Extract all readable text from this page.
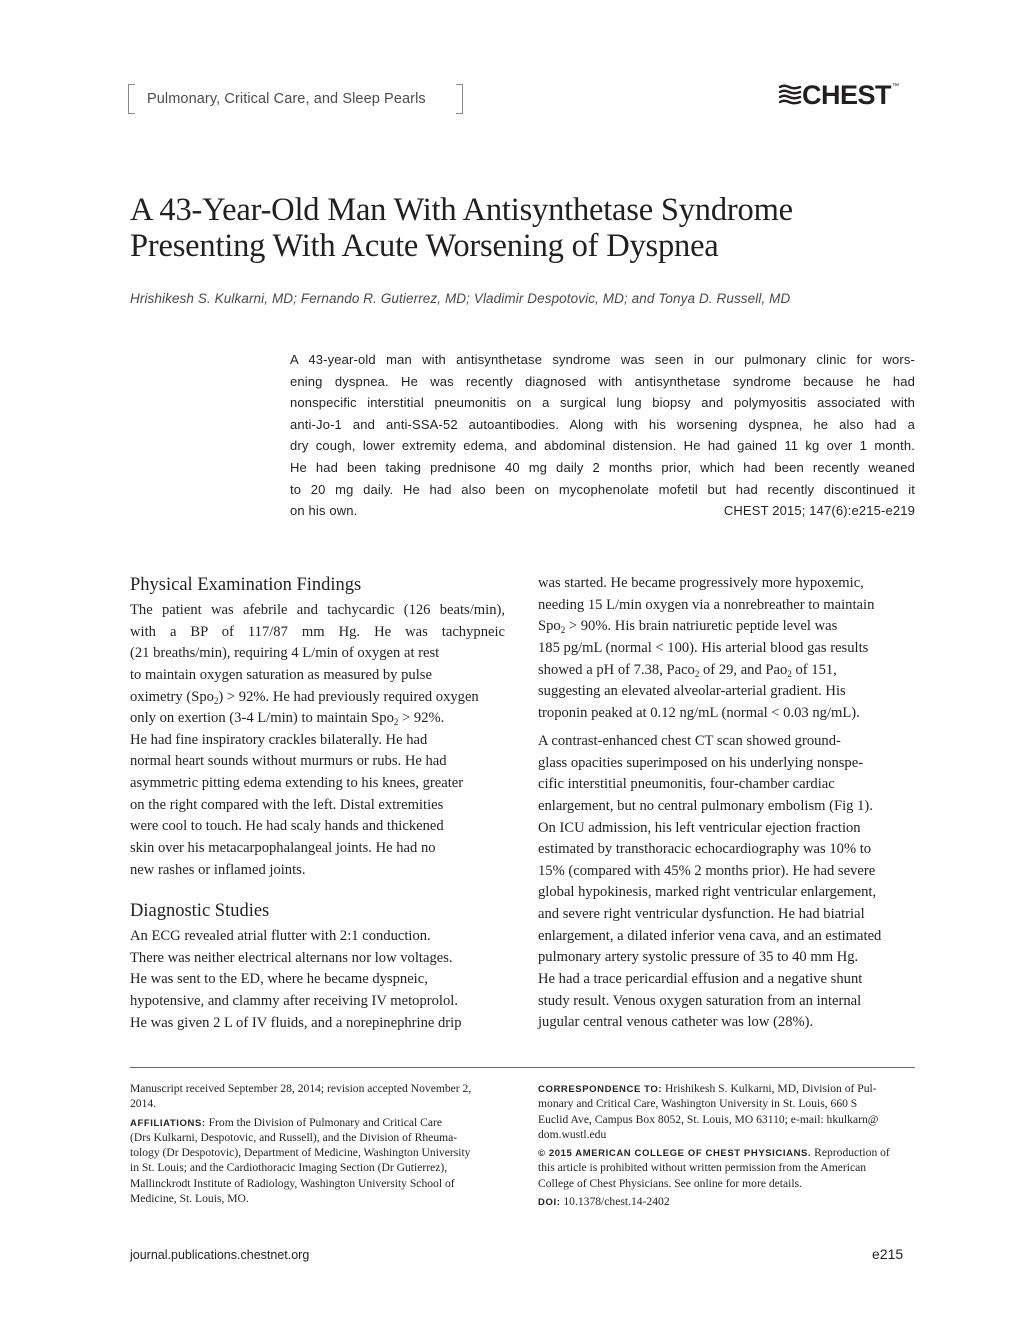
Pulmonary, Critical Care, and Sleep Pearls	CHEST ™
A 43-Year-Old Man With Antisynthetase Syndrome
Presenting With Acute Worsening of Dyspnea
Hrishikesh S. Kulkarni, MD; Fernando R. Gutierrez, MD; Vladimir Despotovic, MD; and Tonya D. Russell, MD
A 43-year-old man with antisynthetase syndrome was seen in our pulmonary clinic for wors-
ening dyspnea. He was recently diagnosed with antisynthetase syndrome because he had
nonspecific interstitial pneumonitis on a surgical lung biopsy and polymyositis associated with
anti-Jo-1 and anti-SSA-52 autoantibodies. Along with his worsening dyspnea, he also had a
dry cough, lower extremity edema, and abdominal distension. He had gained 11 kg over 1 month.
He had been taking prednisone 40 mg daily 2 months prior, which had been recently weaned
to 20 mg daily. He had also been on mycophenolate mofetil but had recently discontinued it
on his own.	CHEST 2015; 147(6):e215-e219
Physical Examination Findings
The patient was afebrile and tachycardic (126 beats/min),
with a BP of 117/87 mm Hg. He was tachypneic
(21 breaths/min), requiring 4 L/min of oxygen at rest
to maintain oxygen saturation as measured by pulse
oximetry (Spo$_2$) > 92%. He had previously required oxygen
only on exertion (3-4 L/min) to maintain Spo$_2$ > 92%.
He had fine inspiratory crackles bilaterally. He had
normal heart sounds without murmurs or rubs. He had
asymmetric pitting edema extending to his knees, greater
on the right compared with the left. Distal extremities
were cool to touch. He had scaly hands and thickened
skin over his metacarpophalangeal joints. He had no
new rashes or inflamed joints.
Diagnostic Studies
An ECG revealed atrial flutter with 2:1 conduction.
There was neither electrical alternans nor low voltages.
He was sent to the ED, where he became dyspneic,
hypotensive, and clammy after receiving IV metoprolol.
He was given 2 L of IV fluids, and a norepinephrine drip
was started. He became progressively more hypoxemic,
needing 15 L/min oxygen via a nonrebreather to maintain
Spo$_2$ > 90%. His brain natriuretic peptide level was
185 pg/mL (normal < 100). His arterial blood gas results
showed a pH of 7.38, Paco$_2$ of 29, and Pao$_2$ of 151,
suggesting an elevated alveolar-arterial gradient. His
troponin peaked at 0.12 ng/mL (normal < 0.03 ng/mL).
A contrast-enhanced chest CT scan showed ground-
glass opacities superimposed on his underlying nonspe-
cific interstitial pneumonitis, four-chamber cardiac
enlargement, but no central pulmonary embolism (Fig 1).
On ICU admission, his left ventricular ejection fraction
estimated by transthoracic echocardiography was 10% to
15% (compared with 45% 2 months prior). He had severe
global hypokinesis, marked right ventricular enlargement,
and severe right ventricular dysfunction. He had biatrial
enlargement, a dilated inferior vena cava, and an estimated
pulmonary artery systolic pressure of 35 to 40 mm Hg.
He had a trace pericardial effusion and a negative shunt
study result. Venous oxygen saturation from an internal
jugular central venous catheter was low (28%).
Manuscript received September 28, 2014; revision accepted November 2,
2014.
AFFILIATIONS: From the Division of Pulmonary and Critical Care
(Drs Kulkarni, Despotovic, and Russell), and the Division of Rheuma-
tology (Dr Despotovic), Department of Medicine, Washington University
in St. Louis; and the Cardiothoracic Imaging Section (Dr Gutierrez),
Mallinckrodt Institute of Radiology, Washington University School of
Medicine, St. Louis, MO.
CORRESPONDENCE TO: Hrishikesh S. Kulkarni, MD, Division of Pul-
monary and Critical Care, Washington University in St. Louis, 660 S
Euclid Ave, Campus Box 8052, St. Louis, MO 63110; e-mail: hkulkarn@
dom.wustl.edu
© 2015 AMERICAN COLLEGE OF CHEST PHYSICIANS. Reproduction of
this article is prohibited without written permission from the American
College of Chest Physicians. See online for more details.
DOI: 10.1378/chest.14-2402
journal.publications.chestnet.org	e215
